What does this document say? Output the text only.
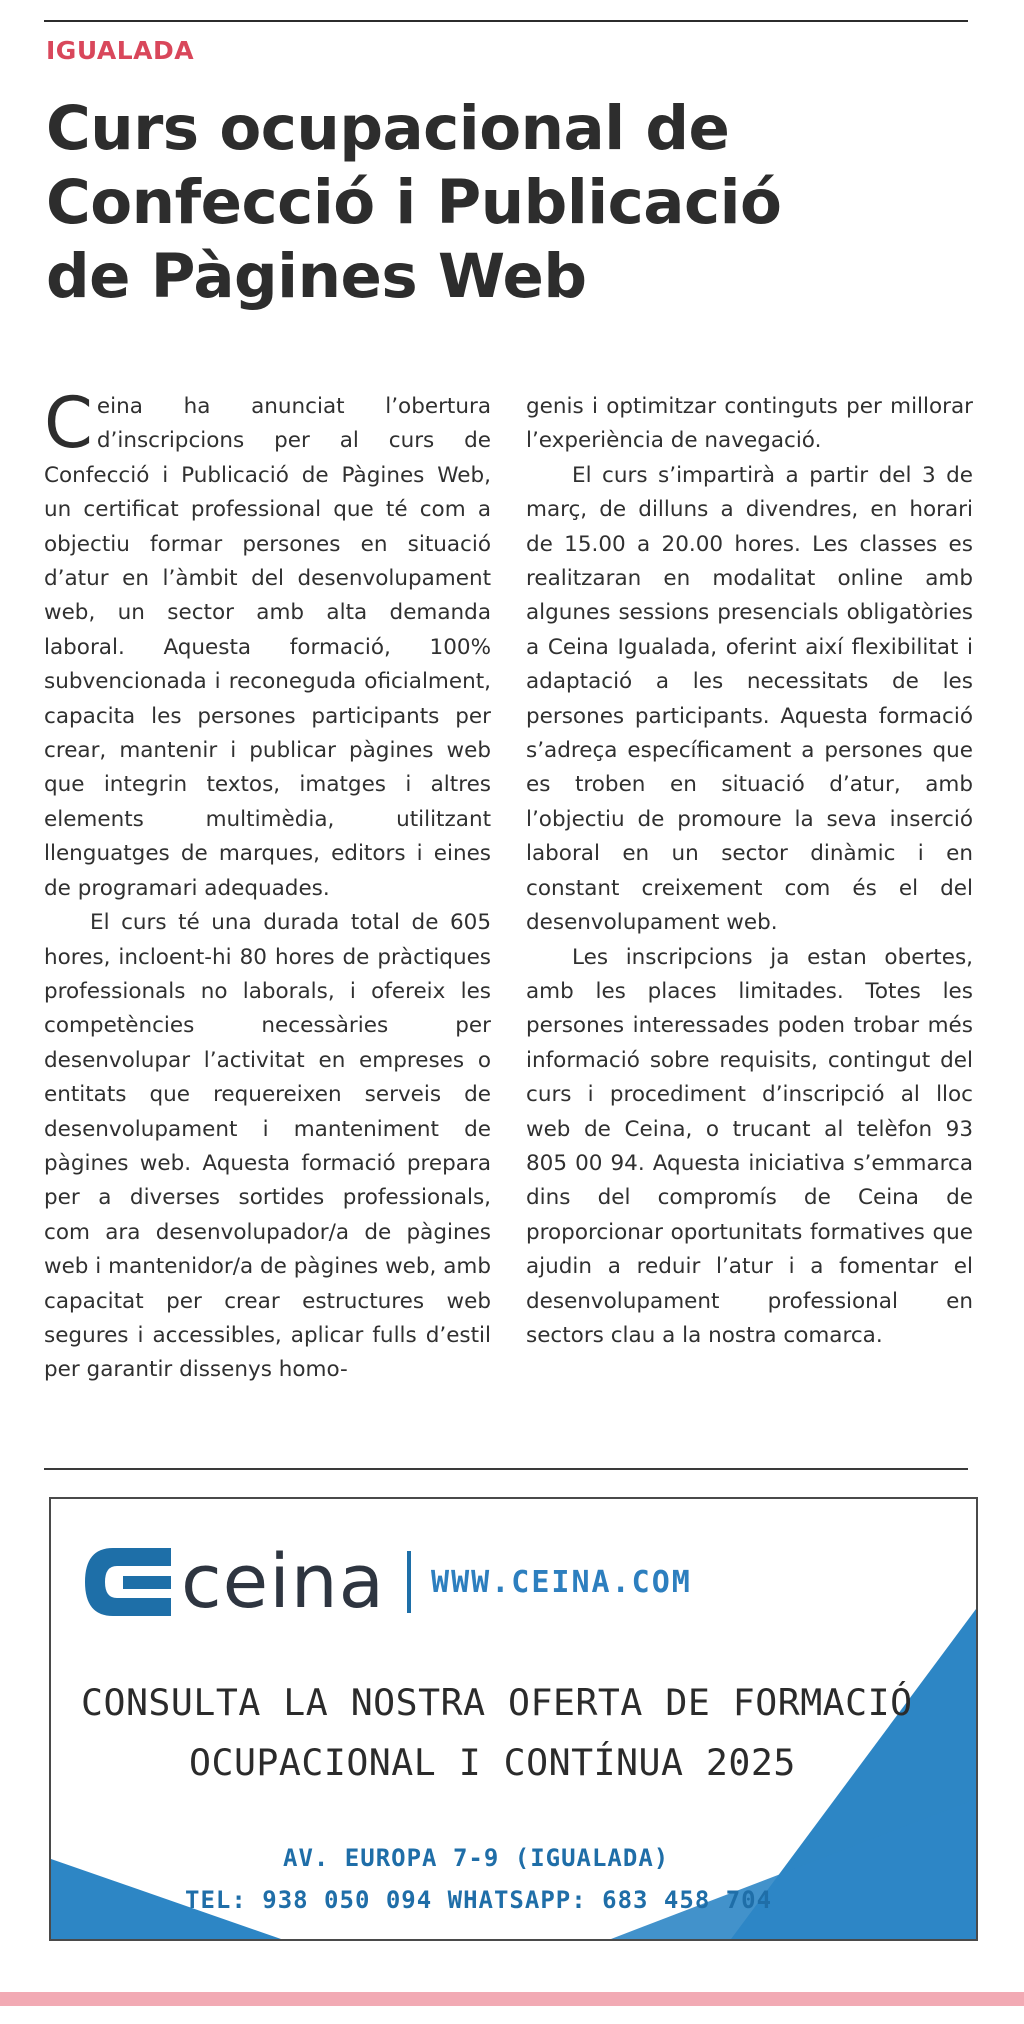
IGUALADA
Curs ocupacional de
Confecció i Publicació
de Pàgines Web

Ceina ha anunciat l’obertura d’inscripcions per al curs de Confecció i Publicació de Pàgines Web, un certificat professional que té com a objectiu formar persones en situació d’atur en l’àmbit del desenvolupament web, un sector amb alta demanda laboral. Aquesta formació, 100% subvencionada i reconeguda oficialment, capacita les persones participants per crear, mantenir i publicar pàgines web que integrin textos, imatges i altres elements multimèdia, utilitzant llenguatges de marques, editors i eines de programari adequades.

El curs té una durada total de 605 hores, incloent-hi 80 hores de pràctiques professionals no laborals, i ofereix les competències necessàries per desenvolupar l’activitat en empreses o entitats que requereixen serveis de desenvolupament i manteniment de pàgines web. Aquesta formació prepara per a diverses sortides professionals, com ara desenvolupador/a de pàgines web i mantenidor/a de pàgines web, amb capacitat per crear estructures web segures i accessibles, aplicar fulls d’estil per garantir dissenys homo-

genis i optimitzar continguts per millorar l’experiència de navegació.

El curs s’impartirà a partir del 3 de març, de dilluns a divendres, en horari de 15.00 a 20.00 hores. Les classes es realitzaran en modalitat online amb algunes sessions presencials obligatòries a Ceina Igualada, oferint així flexibilitat i adaptació a les necessitats de les persones participants. Aquesta formació s’adreça específicament a persones que es troben en situació d’atur, amb l’objectiu de promoure la seva inserció laboral en un sector dinàmic i en constant creixement com és el del desenvolupament web.

Les inscripcions ja estan obertes, amb les places limitades. Totes les persones interessades poden trobar més informació sobre requisits, contingut del curs i procediment d’inscripció al lloc web de Ceina, o trucant al telèfon 93 805 00 94. Aquesta iniciativa s’emmarca dins del compromís de Ceina de proporcionar oportunitats formatives que ajudin a reduir l’atur i a fomentar el desenvolupament professional en sectors clau a la nostra comarca.

ceina WWW.CEINA.COM
CONSULTA LA NOSTRA OFERTA DE FORMACIÓ
OCUPACIONAL I CONTÍNUA 2025
AV. EUROPA 7-9 (IGUALADA)
TEL: 938 050 094 WHATSAPP: 683 458 704
